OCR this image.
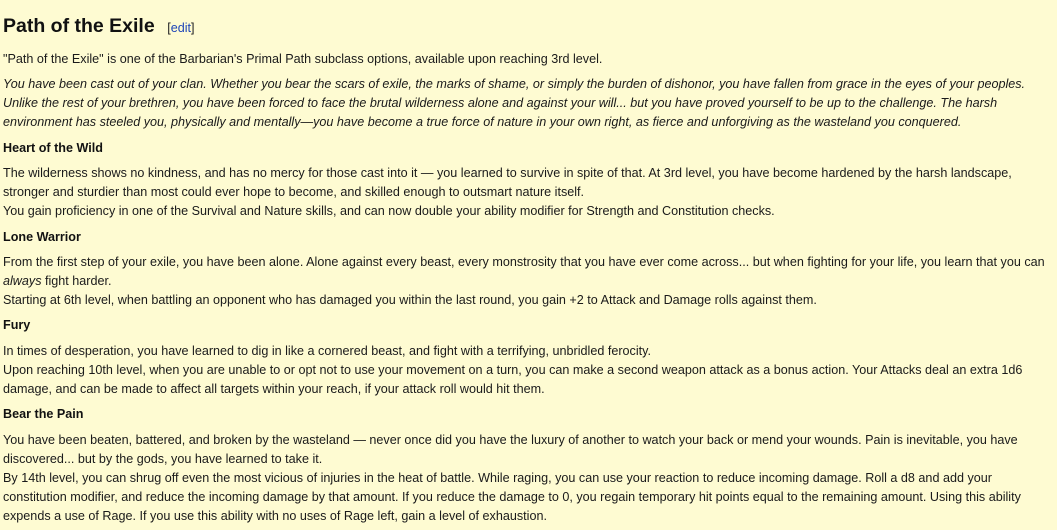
Path of the Exile [edit]

"Path of the Exile" is one of the Barbarian's Primal Path subclass options, available upon reaching 3rd level.

You have been cast out of your clan. Whether you bear the scars of exile, the marks of shame, or simply the burden of dishonor, you have fallen from grace in the eyes of your peoples. Unlike the rest of your brethren, you have been forced to face the brutal wilderness alone and against your will... but you have proved yourself to be up to the challenge. The harsh environment has steeled you, physically and mentally—you have become a true force of nature in your own right, as fierce and unforgiving as the wasteland you conquered.

Heart of the Wild

The wilderness shows no kindness, and has no mercy for those cast into it — you learned to survive in spite of that. At 3rd level, you have become hardened by the harsh landscape, stronger and sturdier than most could ever hope to become, and skilled enough to outsmart nature itself.

You gain proficiency in one of the Survival and Nature skills, and can now double your ability modifier for Strength and Constitution checks.

Lone Warrior

From the first step of your exile, you have been alone. Alone against every beast, every monstrosity that you have ever come across... but when fighting for your life, you learn that you can always fight harder.

Starting at 6th level, when battling an opponent who has damaged you within the last round, you gain +2 to Attack and Damage rolls against them.

Fury

In times of desperation, you have learned to dig in like a cornered beast, and fight with a terrifying, unbridled ferocity.

Upon reaching 10th level, when you are unable to or opt not to use your movement on a turn, you can make a second weapon attack as a bonus action. Your Attacks deal an extra 1d6 damage, and can be made to affect all targets within your reach, if your attack roll would hit them.

Bear the Pain

You have been beaten, battered, and broken by the wasteland — never once did you have the luxury of another to watch your back or mend your wounds. Pain is inevitable, you have discovered... but by the gods, you have learned to take it.

By 14th level, you can shrug off even the most vicious of injuries in the heat of battle. While raging, you can use your reaction to reduce incoming damage. Roll a d8 and add your constitution modifier, and reduce the incoming damage by that amount. If you reduce the damage to 0, you regain temporary hit points equal to the remaining amount. Using this ability expends a use of Rage. If you use this ability with no uses of Rage left, gain a level of exhaustion.
